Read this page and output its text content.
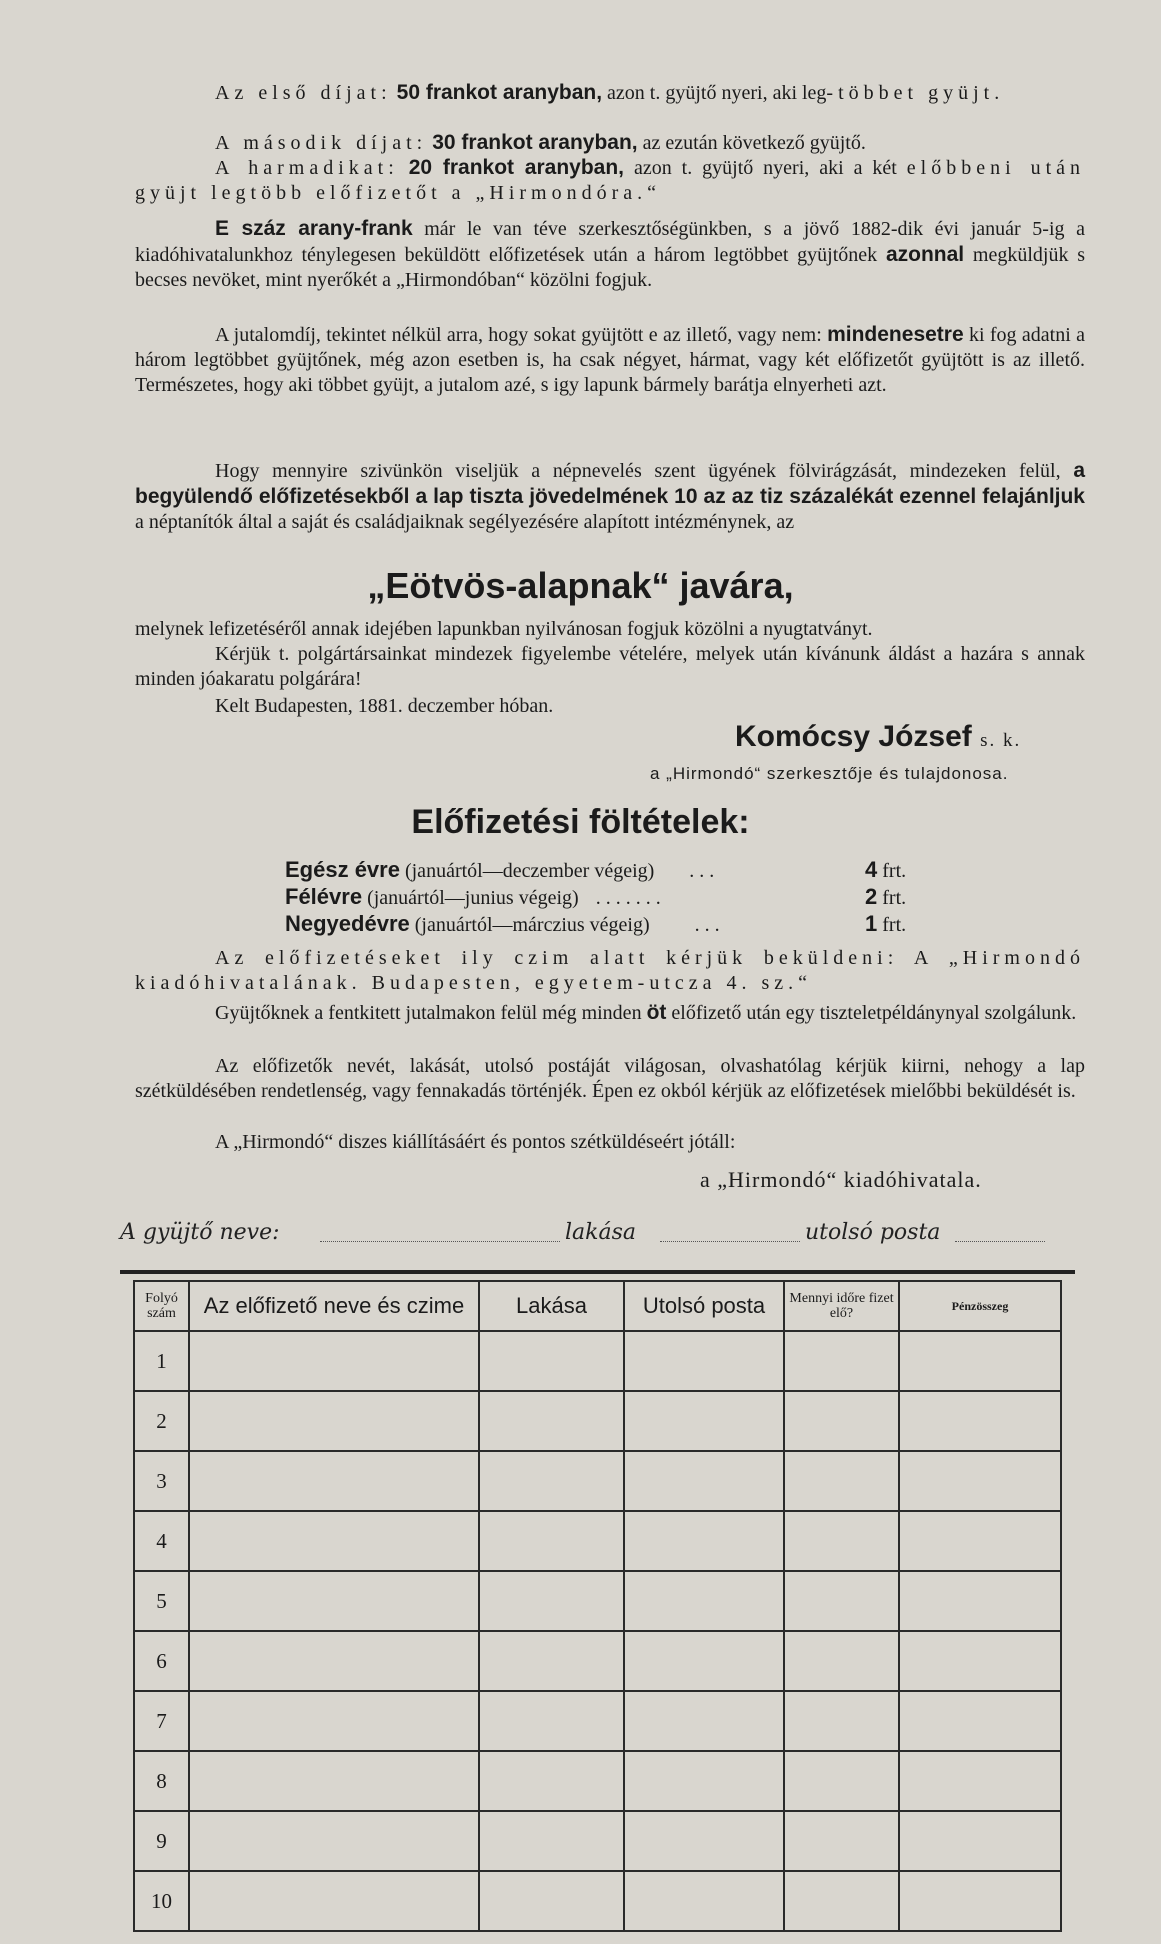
Az első díjat: 50 frankot aranyban, azon t. gyüjtő nyeri, aki leg- többet gyüjt.

A második díjat: 30 frankot aranyban, az ezután következő gyüjtő.

A harmadikat: 20 frankot aranyban, azon t. gyüjtő nyeri, aki a két előbbeni után gyüjt legtöbb előfizetőt a „Hirmondóra.“

E száz arany-frank már le van téve szerkesztőségünkben, s a jövő 1882-dik évi január 5-ig a kiadóhivatalunkhoz ténylegesen beküldött előfizetések után a három legtöbbet gyüjtőnek azonnal megküldjük s becses nevöket, mint nyerőkét a „Hirmondóban“ közölni fogjuk.

A jutalomdíj, tekintet nélkül arra, hogy sokat gyüjtött e az illető, vagy nem: mindenesetre ki fog adatni a három legtöbbet gyüjtőnek, még azon esetben is, ha csak négyet, hármat, vagy két előfizetőt gyüjtött is az illető. Természetes, hogy aki többet gyüjt, a jutalom azé, s igy lapunk bármely barátja elnyerheti azt.

Hogy mennyire szivünkön viseljük a népnevelés szent ügyének fölvirágzását, mindezeken felül, a begyülendő előfizetésekből a lap tiszta jövedelmének 10 az az tiz százalékát ezennel felajánljuk a néptanítók által a saját és családjaiknak segélyezésére alapított intézménynek, az

„Eötvös-alapnak“ javára,

melynek lefizetéséről annak idejében lapunkban nyilvánosan fogjuk közölni a nyugtatványt.

Kérjük t. polgártársainkat mindezek figyelembe vételére, melyek után kívánunk áldást a hazára s annak minden jóakaratu polgárára!

Kelt Budapesten, 1881. deczember hóban.

Komócsy József s. k.
a „Hirmondó“ szerkesztője és tulajdonosa.
Előfizetési föltételek:
Egész évre (januártól—deczember végeig) . . .	4 frt.
Félévre (januártól—junius végeig) . . . . . . .	2 frt.
Negyedévre (januártól—márczius végeig) . . .	1 frt.

Az előfizetéseket ily czim alatt kérjük beküldeni: A „Hirmondó kiadóhivatalának. Budapesten, egyetem-utcza 4. sz.“

Gyüjtőknek a fentkitett jutalmakon felül még minden öt előfizető után egy tiszteletpéldánynyal szolgálunk.

Az előfizetők nevét, lakását, utolsó postáját világosan, olvashatólag kérjük kiirni, nehogy a lap szétküldésében rendetlenség, vagy fennakadás történjék. Épen ez okból kérjük az előfizetések mielőbbi beküldését is.

A „Hirmondó“ diszes kiállításáért és pontos szétküldéseért jótáll:

a „Hirmondó“ kiadóhivatala.
A gyüjtő neve:	lakása	utolsó posta
Folyó szám	Az előfizető neve és czime	Lakása	Utolsó posta	Mennyi időre fizet elő?	Pénzösszeg
1					
2					
3					
4					
5					
6					
7					
8					
9					
10					
